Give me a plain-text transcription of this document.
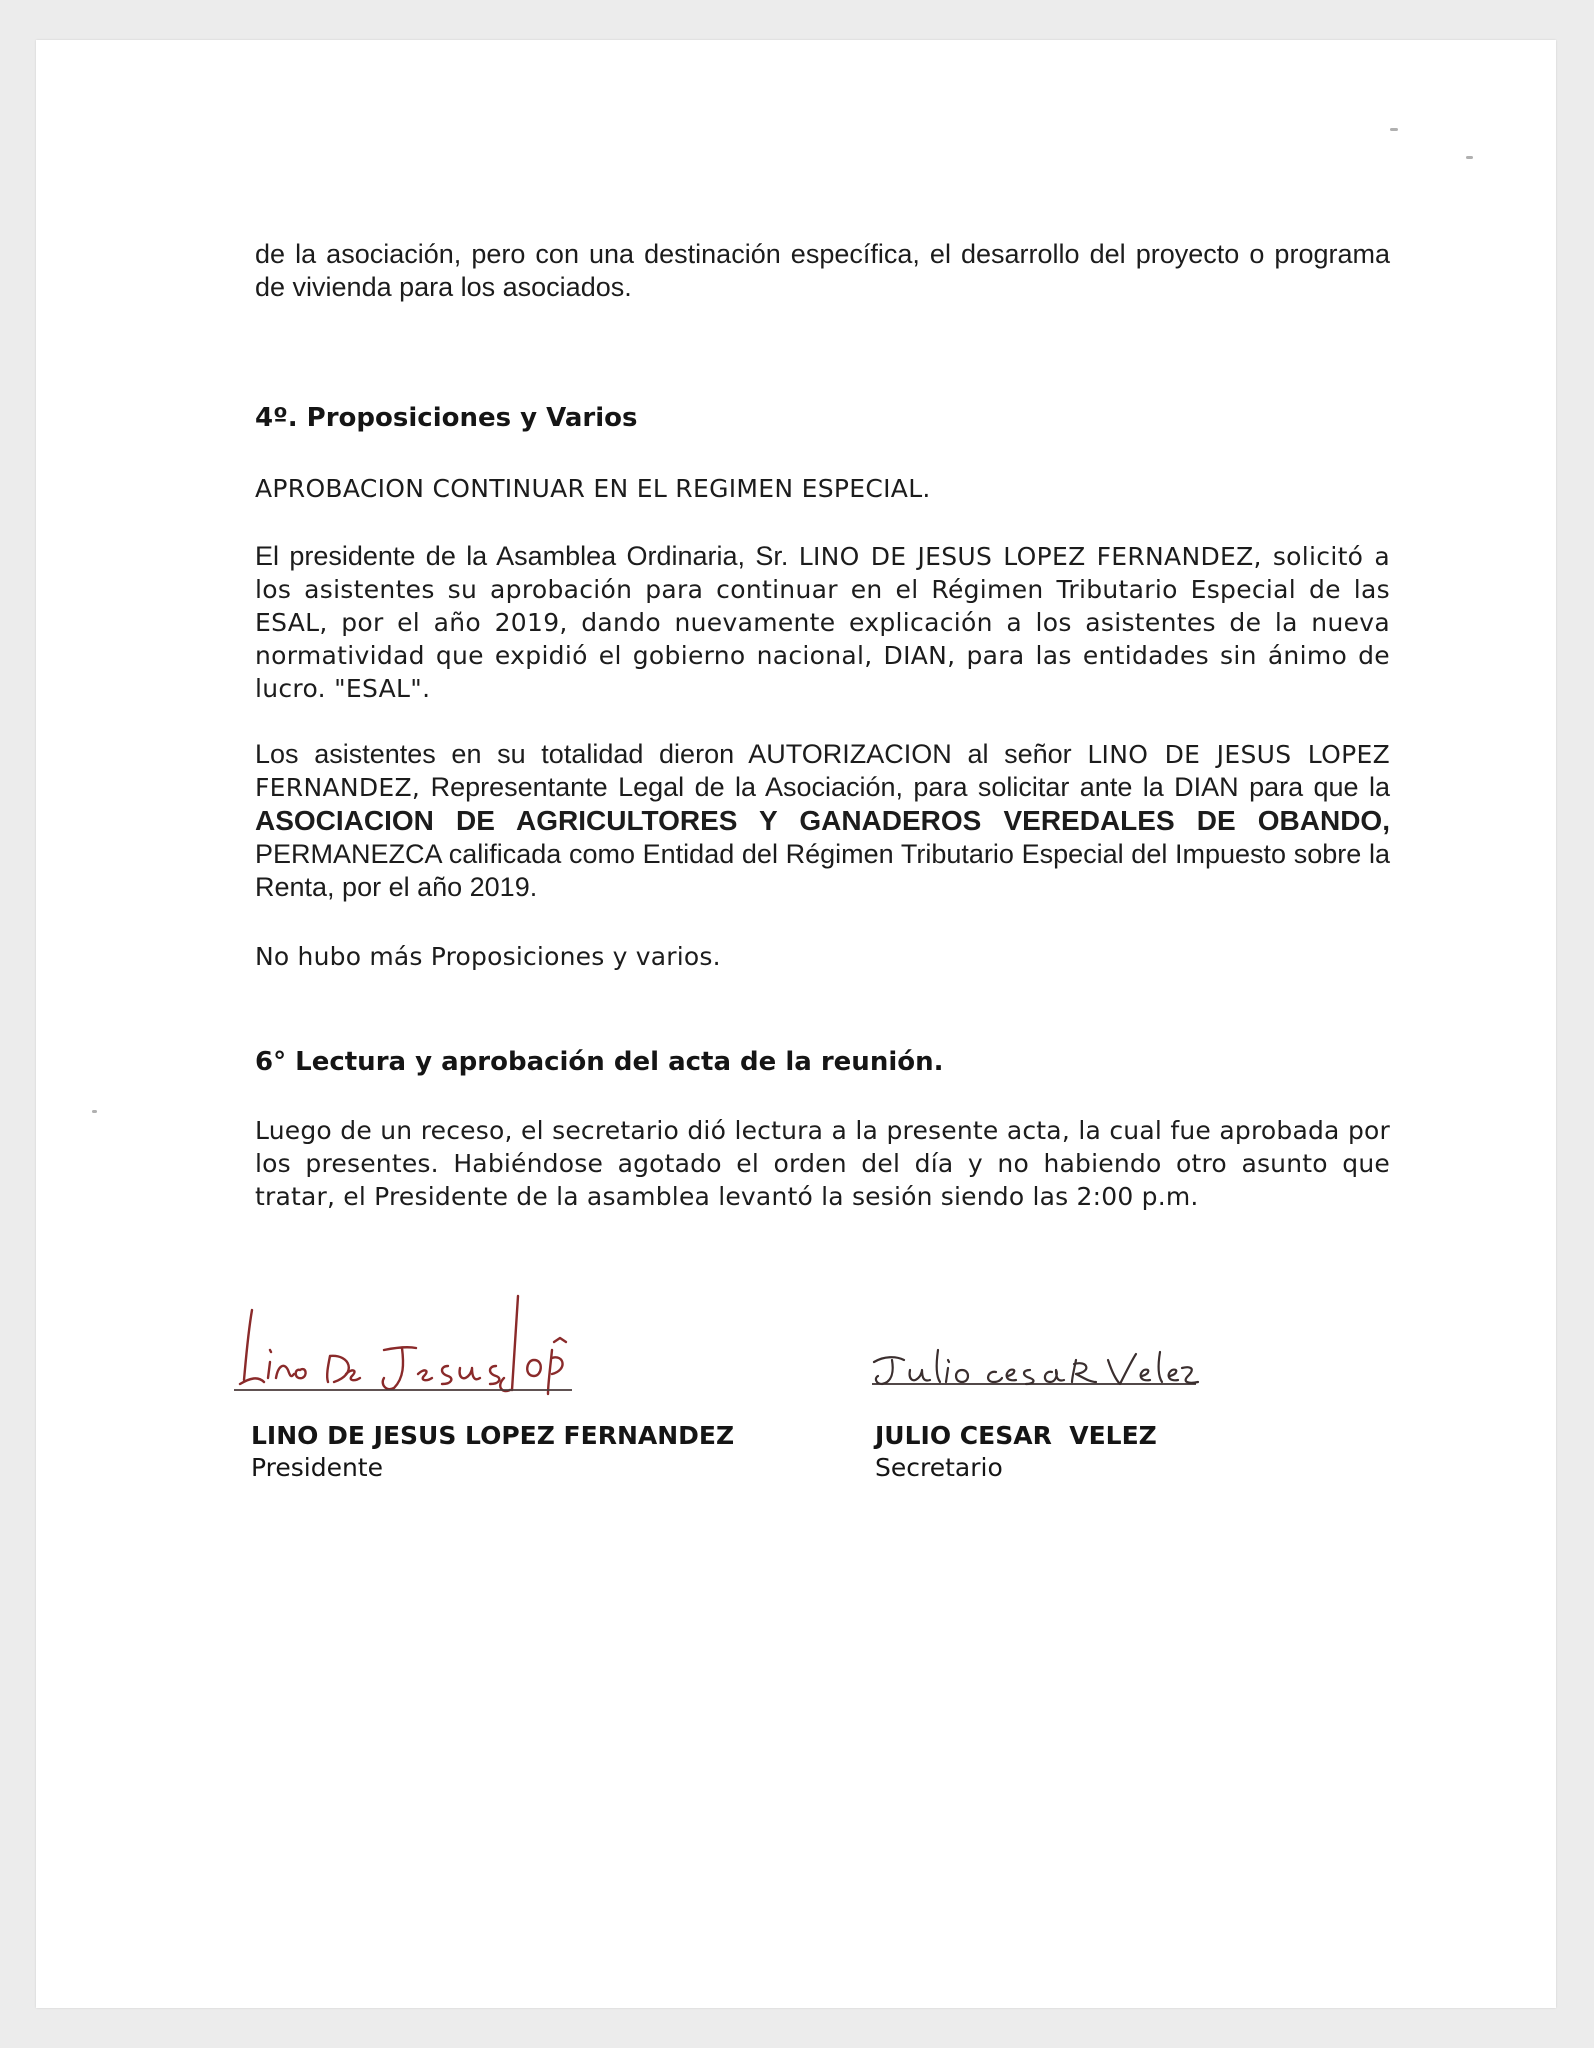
de la asociación, pero con una destinación específica, el desarrollo del proyecto o programa de vivienda para los asociados.

4º. Proposiciones y Varios

APROBACION CONTINUAR EN EL REGIMEN ESPECIAL.

El presidente de la Asamblea Ordinaria, Sr. LINO DE JESUS LOPEZ FERNANDEZ, solicitó a los asistentes su aprobación para continuar en el Régimen Tributario Especial de las ESAL, por el año 2019, dando nuevamente explicación a los asistentes de la nueva normatividad que expidió el gobierno nacional, DIAN, para las entidades sin ánimo de lucro. "ESAL".

Los asistentes en su totalidad dieron AUTORIZACION al señor LINO DE JESUS LOPEZ FERNANDEZ, Representante Legal de la Asociación, para solicitar ante la DIAN para que la ASOCIACION DE AGRICULTORES Y GANADEROS VEREDALES DE OBANDO, PERMANEZCA calificada como Entidad del Régimen Tributario Especial del Impuesto sobre la Renta, por el año 2019.

No hubo más Proposiciones y varios.

6° Lectura y aprobación del acta de la reunión.

Luego de un receso, el secretario dió lectura a la presente acta, la cual fue aprobada por los presentes. Habiéndose agotado el orden del día y no habiendo otro asunto que tratar, el Presidente de la asamblea levantó la sesión siendo las 2:00 p.m.

LINO DE JESUS LOPEZ FERNANDEZ
Presidente
JULIO CESAR  VELEZ
Secretario
